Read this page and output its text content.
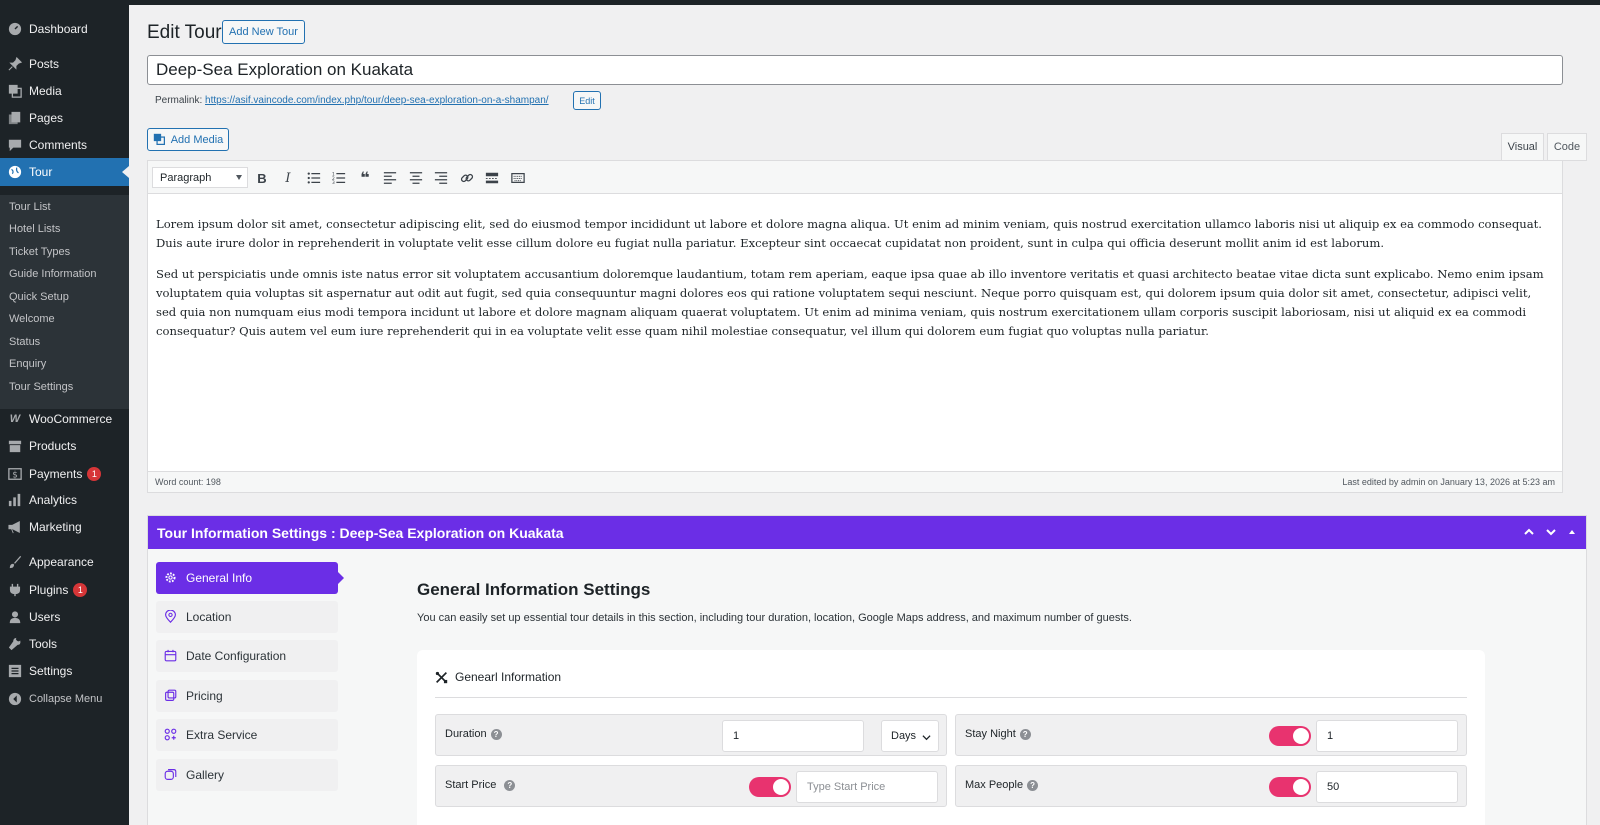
Dashboard
Posts
Media
Pages
Comments
Tour
Tour List
Hotel Lists
Ticket Types
Guide Information
Quick Setup
Welcome
Status
Enquiry
Tour Settings
W WooCommerce
Products
$ Payments	1
Analytics
Marketing
Appearance
Plugins	1
Users
Tools
Settings
Collapse Menu
Edit Tour Add New Tour
Deep-Sea Exploration on Kuakata
Permalink: https://asif.vaincode.com/index.php/tour/deep-sea-exploration-on-a-shampan/	Edit
Add Media
Visual	Code
Paragraph	B I	1
2
3 ❝

Lorem ipsum dolor sit amet, consectetur adipiscing elit, sed do eiusmod tempor incididunt ut labore et dolore magna aliqua. Ut enim ad minim veniam, quis nostrud exercitation ullamco laboris nisi ut aliquip ex ea commodo consequat. Duis aute irure dolor in reprehenderit in voluptate velit esse cillum dolore eu fugiat nulla pariatur. Excepteur sint occaecat cupidatat non proident, sunt in culpa qui officia deserunt mollit anim id est laborum.

Sed ut perspiciatis unde omnis iste natus error sit voluptatem accusantium doloremque laudantium, totam rem aperiam, eaque ipsa quae ab illo inventore veritatis et quasi architecto beatae vitae dicta sunt explicabo. Nemo enim ipsam voluptatem quia voluptas sit aspernatur aut odit aut fugit, sed quia consequuntur magni dolores eos qui ratione voluptatem sequi nesciunt. Neque porro quisquam est, qui dolorem ipsum quia dolor sit amet, consectetur, adipisci velit, sed quia non numquam eius modi tempora incidunt ut labore et dolore magnam aliquam quaerat voluptatem. Ut enim ad minima veniam, quis nostrum exercitationem ullam corporis suscipit laboriosam, nisi ut aliquid ex ea commodi consequatur? Quis autem vel eum iure reprehenderit qui in ea voluptate velit esse quam nihil molestiae consequatur, vel illum qui dolorem eum fugiat quo voluptas nulla pariatur.

Word count: 198	Last edited by admin on January 13, 2026 at 5:23 am
Tour Information Settings : Deep-Sea Exploration on Kuakata
General Info
Location
Date Configuration
Pricing
Extra Service
Gallery
General Information Settings
You can easily set up essential tour details in this section, including tour duration, location, Google Maps address, and maximum number of guests.
Genearl Information
Duration ?	1	Days	Stay Night ?	1
Start Price	?	Type Start Price	Max People ?	50
